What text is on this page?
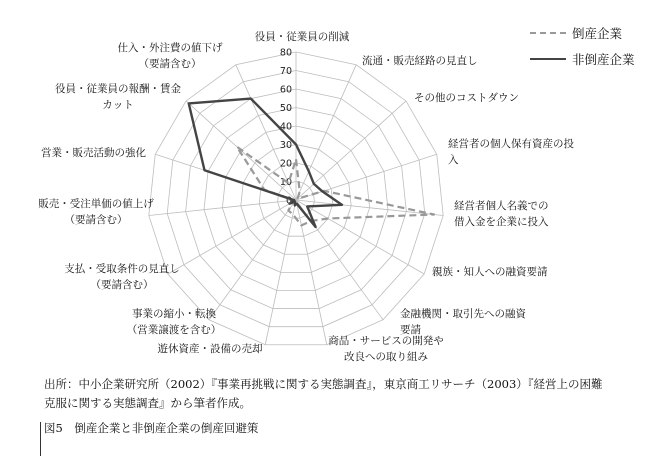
0
10
20
30
40
50
60
70
80
役員・従業員の削減
流通・販売経路の見直し
その他のコストダウン
経営者の個人保有資産の投入
経営者個人名義での借入金を企業に投入
親族・知人への融資要請
金融機関・取引先への融資要請
商品・サービスの開発や改良への取り組み
遊休資産・設備の売却
事業の縮小・転換（営業譲渡を含む）
支払・受取条件の見直し（要請含む）
販売・受注単価の値上げ（要請含む）
営業・販売活動の強化
役員・従業員の報酬・賃金カット
仕入・外注費の値下げ（要請含む）
倒産企業
非倒産企業
出所：中小企業研究所（2002）『事業再挑戦に関する実態調査』，東京商工リサーチ（2003）『経営上の困難
克服に関する実態調査』から筆者作成。
図5　倒産企業と非倒産企業の倒産回避策
